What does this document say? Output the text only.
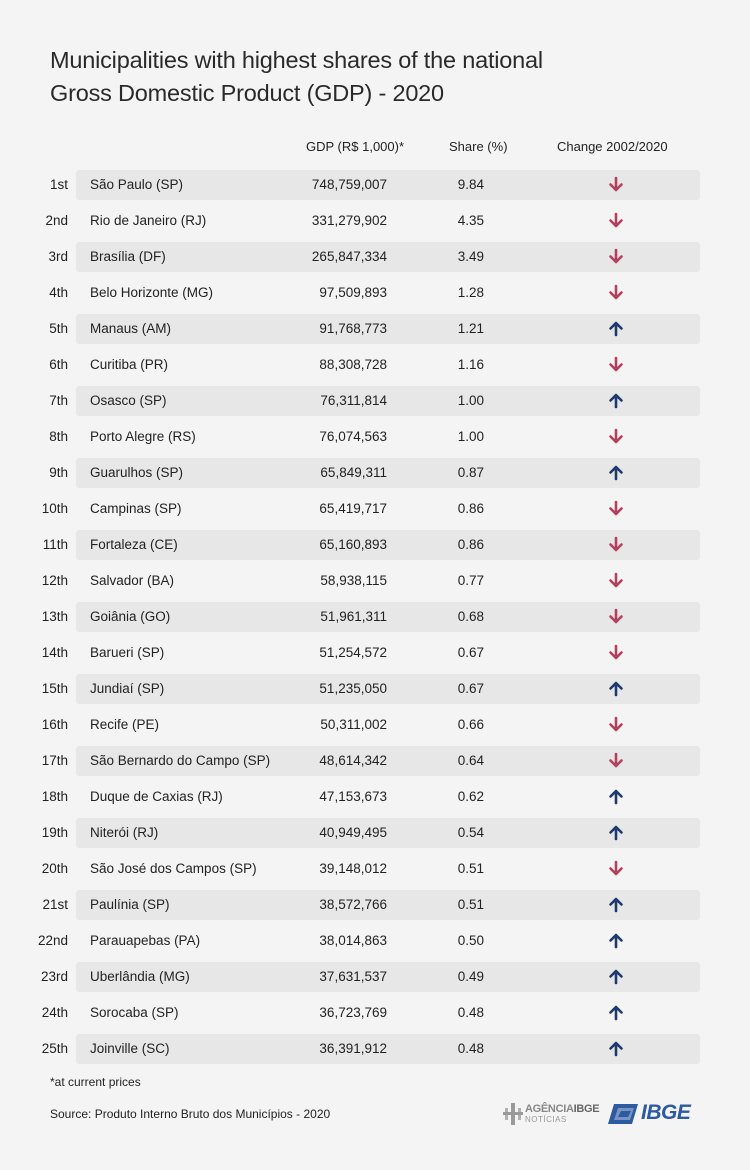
Municipalities with highest shares of the national
Gross Domestic Product (GDP) - 2020
GDP (R$ 1,000)*	Share (%)	Change 2002/2020
1st São Paulo (SP)	748,759,007	9.84
2nd Rio de Janeiro (RJ)	331,279,902	4.35
3rd Brasília (DF)	265,847,334	3.49
4th Belo Horizonte (MG)	97,509,893	1.28
5th Manaus (AM)	91,768,773	1.21
6th Curitiba (PR)	88,308,728	1.16
7th Osasco (SP)	76,311,814	1.00
8th Porto Alegre (RS)	76,074,563	1.00
9th Guarulhos (SP)	65,849,311	0.87
10th Campinas (SP)	65,419,717	0.86
11th Fortaleza (CE)	65,160,893	0.86
12th Salvador (BA)	58,938,115	0.77
13th Goiânia (GO)	51,961,311	0.68
14th Barueri (SP)	51,254,572	0.67
15th Jundiaí (SP)	51,235,050	0.67
16th Recife (PE)	50,311,002	0.66
17th São Bernardo do Campo (SP)	48,614,342	0.64
18th Duque de Caxias (RJ)	47,153,673	0.62
19th Niterói (RJ)	40,949,495	0.54
20th São José dos Campos (SP)	39,148,012	0.51
21st Paulínia (SP)	38,572,766	0.51
22nd Parauapebas (PA)	38,014,863	0.50
23rd Uberlândia (MG)	37,631,537	0.49
24th Sorocaba (SP)	36,723,769	0.48
25th Joinville (SC)	36,391,912	0.48
*at current prices
Source: Produto Interno Bruto dos Municípios - 2020	AGÊNCIAIBGE
NOTÍCIAS	IBGE
